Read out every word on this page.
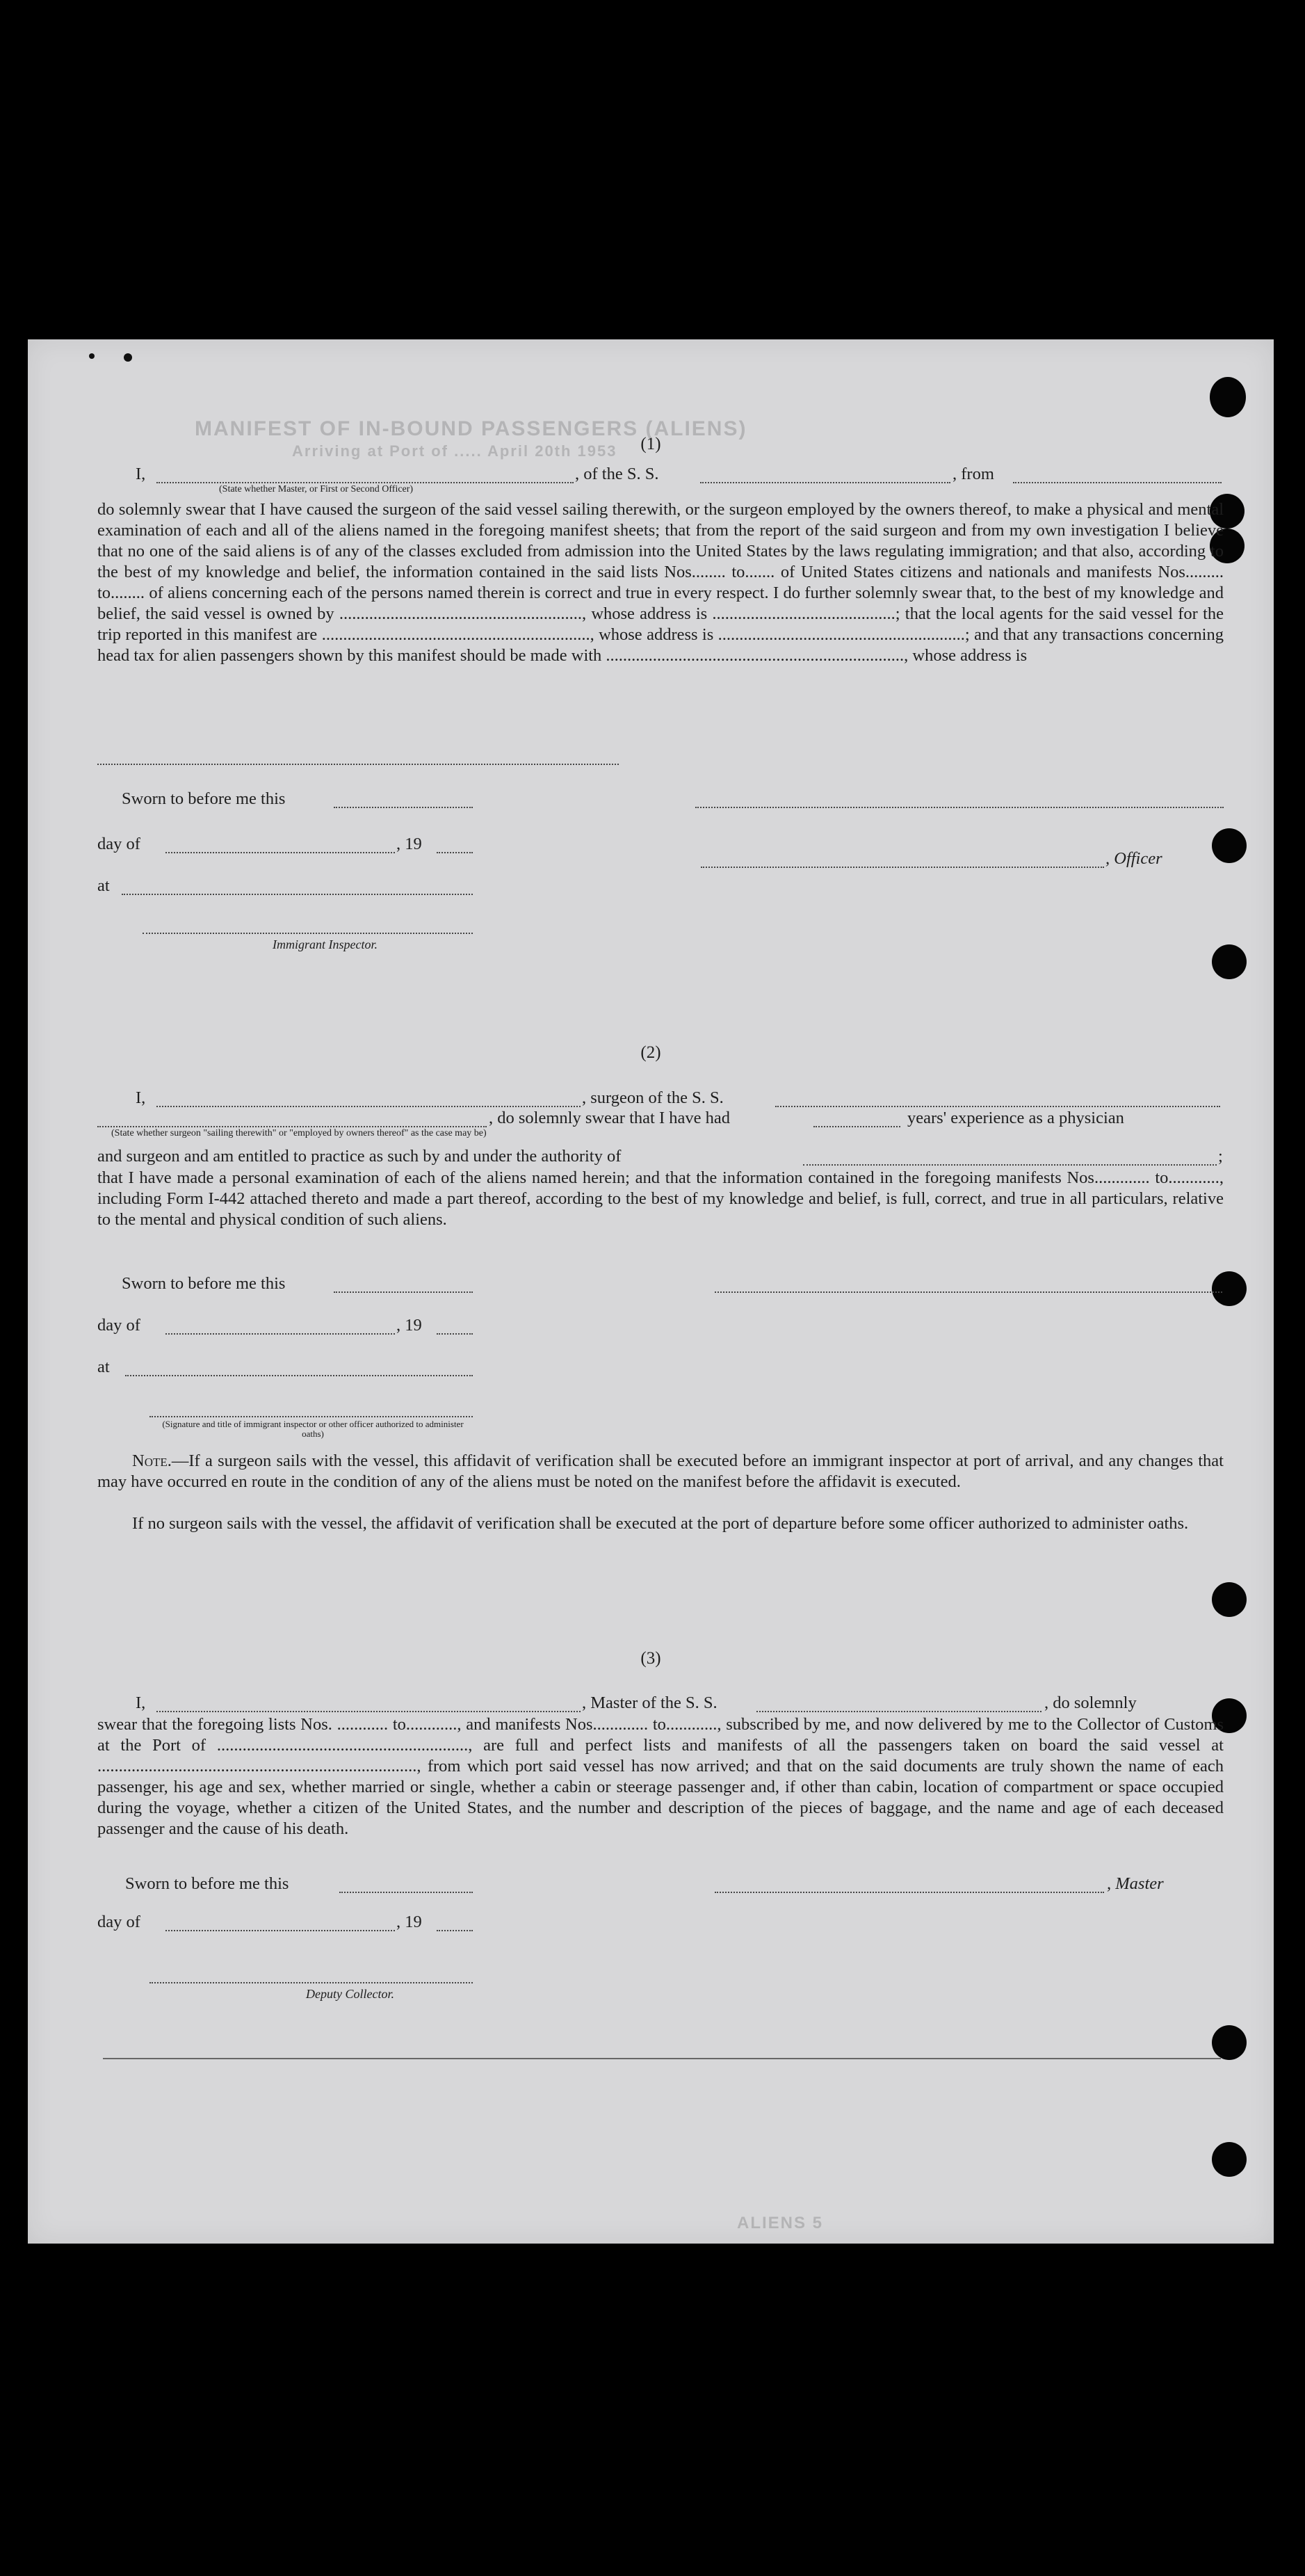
MANIFEST OF IN-BOUND PASSENGERS (ALIENS)
Arriving at Port of ..... April 20th 1953
ALIENS 5
(1)
I,	, of the S. S.	, from
(State whether Master, or First or Second Officer)
do solemnly swear that I have caused the surgeon of the said vessel sailing therewith, or the surgeon employed by the owners thereof, to make a physical and mental examination of each and all of the aliens named in the foregoing manifest sheets; that from the report of the said surgeon and from my own investigation I believe that no one of the said aliens is of any of the classes excluded from admission into the United States by the laws regulating immigration; and that also, according to the best of my knowledge and belief, the information contained in the said lists Nos........ to....... of United States citizens and nationals and manifests Nos......... to........ of aliens concerning each of the persons named therein is correct and true in every respect. I do further solemnly swear that, to the best of my knowledge and belief, the said vessel is owned by ........................................................., whose address is ...........................................; that the local agents for the said vessel for the trip reported in this manifest are ..............................................................., whose address is ..........................................................; and that any transactions concerning head tax for alien passengers shown by this manifest should be made with ......................................................................, whose address is
Sworn to before me this
day of	, 19
, Officer
at
Immigrant Inspector.
(2)
I,	, surgeon of the S. S.
, do solemnly swear that I have had	years' experience as a physician
(State whether surgeon "sailing therewith" or "employed by owners thereof" as the case may be)
and surgeon and am entitled to practice as such by and under the authority of	;
that I have made a personal examination of each of the aliens named herein; and that the information contained in the foregoing manifests Nos............. to............, including Form I-442 attached thereto and made a part thereof, according to the best of my knowledge and belief, is full, correct, and true in all particulars, relative to the mental and physical condition of such aliens.
Sworn to before me this
day of	, 19
at
(Signature and title of immigrant inspector or other officer authorized to administer oaths)
Note.—If a surgeon sails with the vessel, this affidavit of verification shall be executed before an immigrant inspector at port of arrival, and any changes that may have occurred en route in the condition of any of the aliens must be noted on the manifest before the affidavit is executed.
If no surgeon sails with the vessel, the affidavit of verification shall be executed at the port of departure before some officer authorized to administer oaths.
(3)
I,	, Master of the S. S.	, do solemnly
swear that the foregoing lists Nos. ............ to............, and manifests Nos............. to............, subscribed by me, and now delivered by me to the Collector of Customs at the Port of ..........................................................., are full and perfect lists and manifests of all the passengers taken on board the said vessel at ..........................................................................., from which port said vessel has now arrived; and that on the said documents are truly shown the name of each passenger, his age and sex, whether married or single, whether a cabin or steerage passenger and, if other than cabin, location of compartment or space occupied during the voyage, whether a citizen of the United States, and the number and description of the pieces of baggage, and the name and age of each deceased passenger and the cause of his death.
Sworn to before me this	, Master
day of	, 19
Deputy Collector.
